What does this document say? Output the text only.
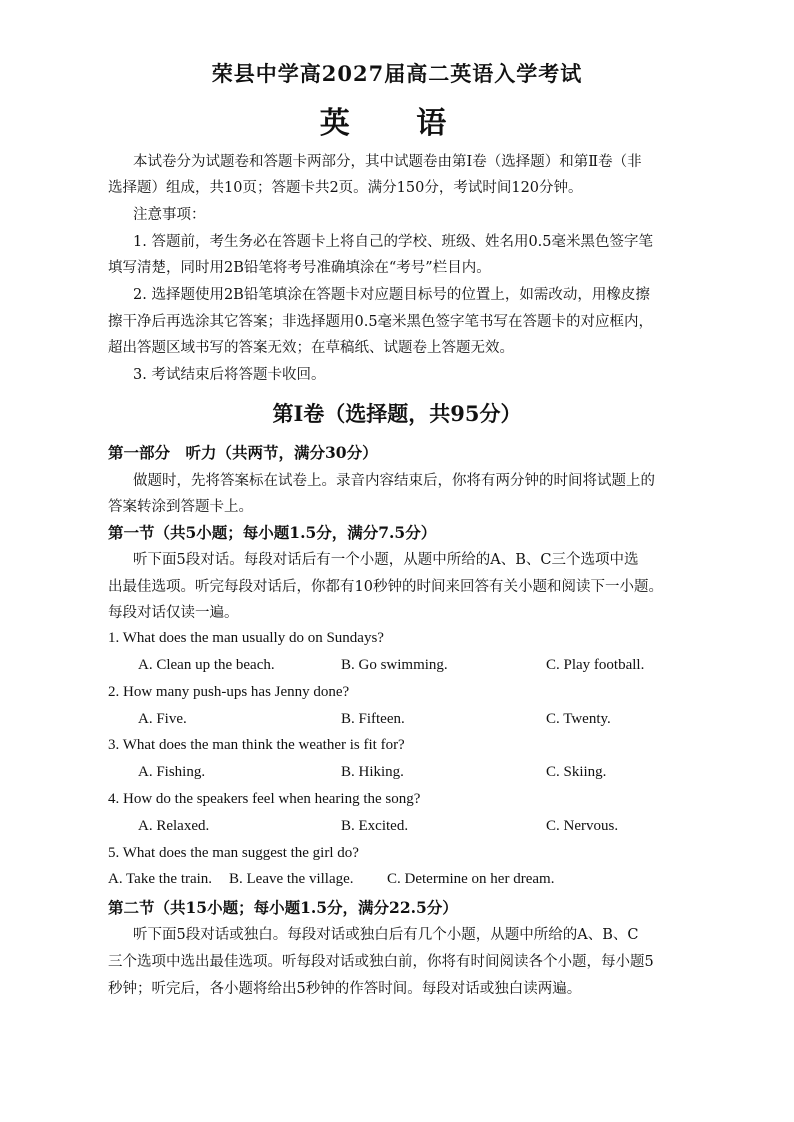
荣县中学高2027届高二英语入学考试
英 语
本试卷分为试题卷和答题卡两部分，其中试题卷由第Ⅰ卷（选择题）和第Ⅱ卷（非
选择题）组成，共10页；答题卡共2页。满分150分，考试时间120分钟。
注意事项：
1. 答题前，考生务必在答题卡上将自己的学校、班级、姓名用0.5毫米黑色签字笔
填写清楚，同时用2B铅笔将考号准确填涂在“考号”栏目内。
2. 选择题使用2B铅笔填涂在答题卡对应题目标号的位置上，如需改动，用橡皮擦
擦干净后再选涂其它答案；非选择题用0.5毫米黑色签字笔书写在答题卡的对应框内，
超出答题区域书写的答案无效；在草稿纸、试题卷上答题无效。
3. 考试结束后将答题卡收回。
第Ⅰ卷（选择题，共95分）
第一部分　听力（共两节，满分30分）
做题时，先将答案标在试卷上。录音内容结束后，你将有两分钟的时间将试题上的
答案转涂到答题卡上。
第一节（共5小题；每小题1.5分，满分7.5分）
听下面5段对话。每段对话后有一个小题，从题中所给的A、B、C三个选项中选
出最佳选项。听完每段对话后，你都有10秒钟的时间来回答有关小题和阅读下一小题。
每段对话仅读一遍。
1. What does the man usually do on Sundays?
A. Clean up the beach.	B. Go swimming.	C. Play football.
2. How many push-ups has Jenny done?
A. Five.	B. Fifteen.	C. Twenty.
3. What does the man think the weather is fit for?
A. Fishing.	B. Hiking.	C. Skiing.
4. How do the speakers feel when hearing the song?
A. Relaxed.	B. Excited.	C. Nervous.
5. What does the man suggest the girl do?
A. Take the train. B. Leave the village. C. Determine on her dream.
第二节（共15小题；每小题1.5分，满分22.5分）
听下面5段对话或独白。每段对话或独白后有几个小题，从题中所给的A、B、C
三个选项中选出最佳选项。听每段对话或独白前，你将有时间阅读各个小题，每小题5
秒钟；听完后，各小题将给出5秒钟的作答时间。每段对话或独白读两遍。
